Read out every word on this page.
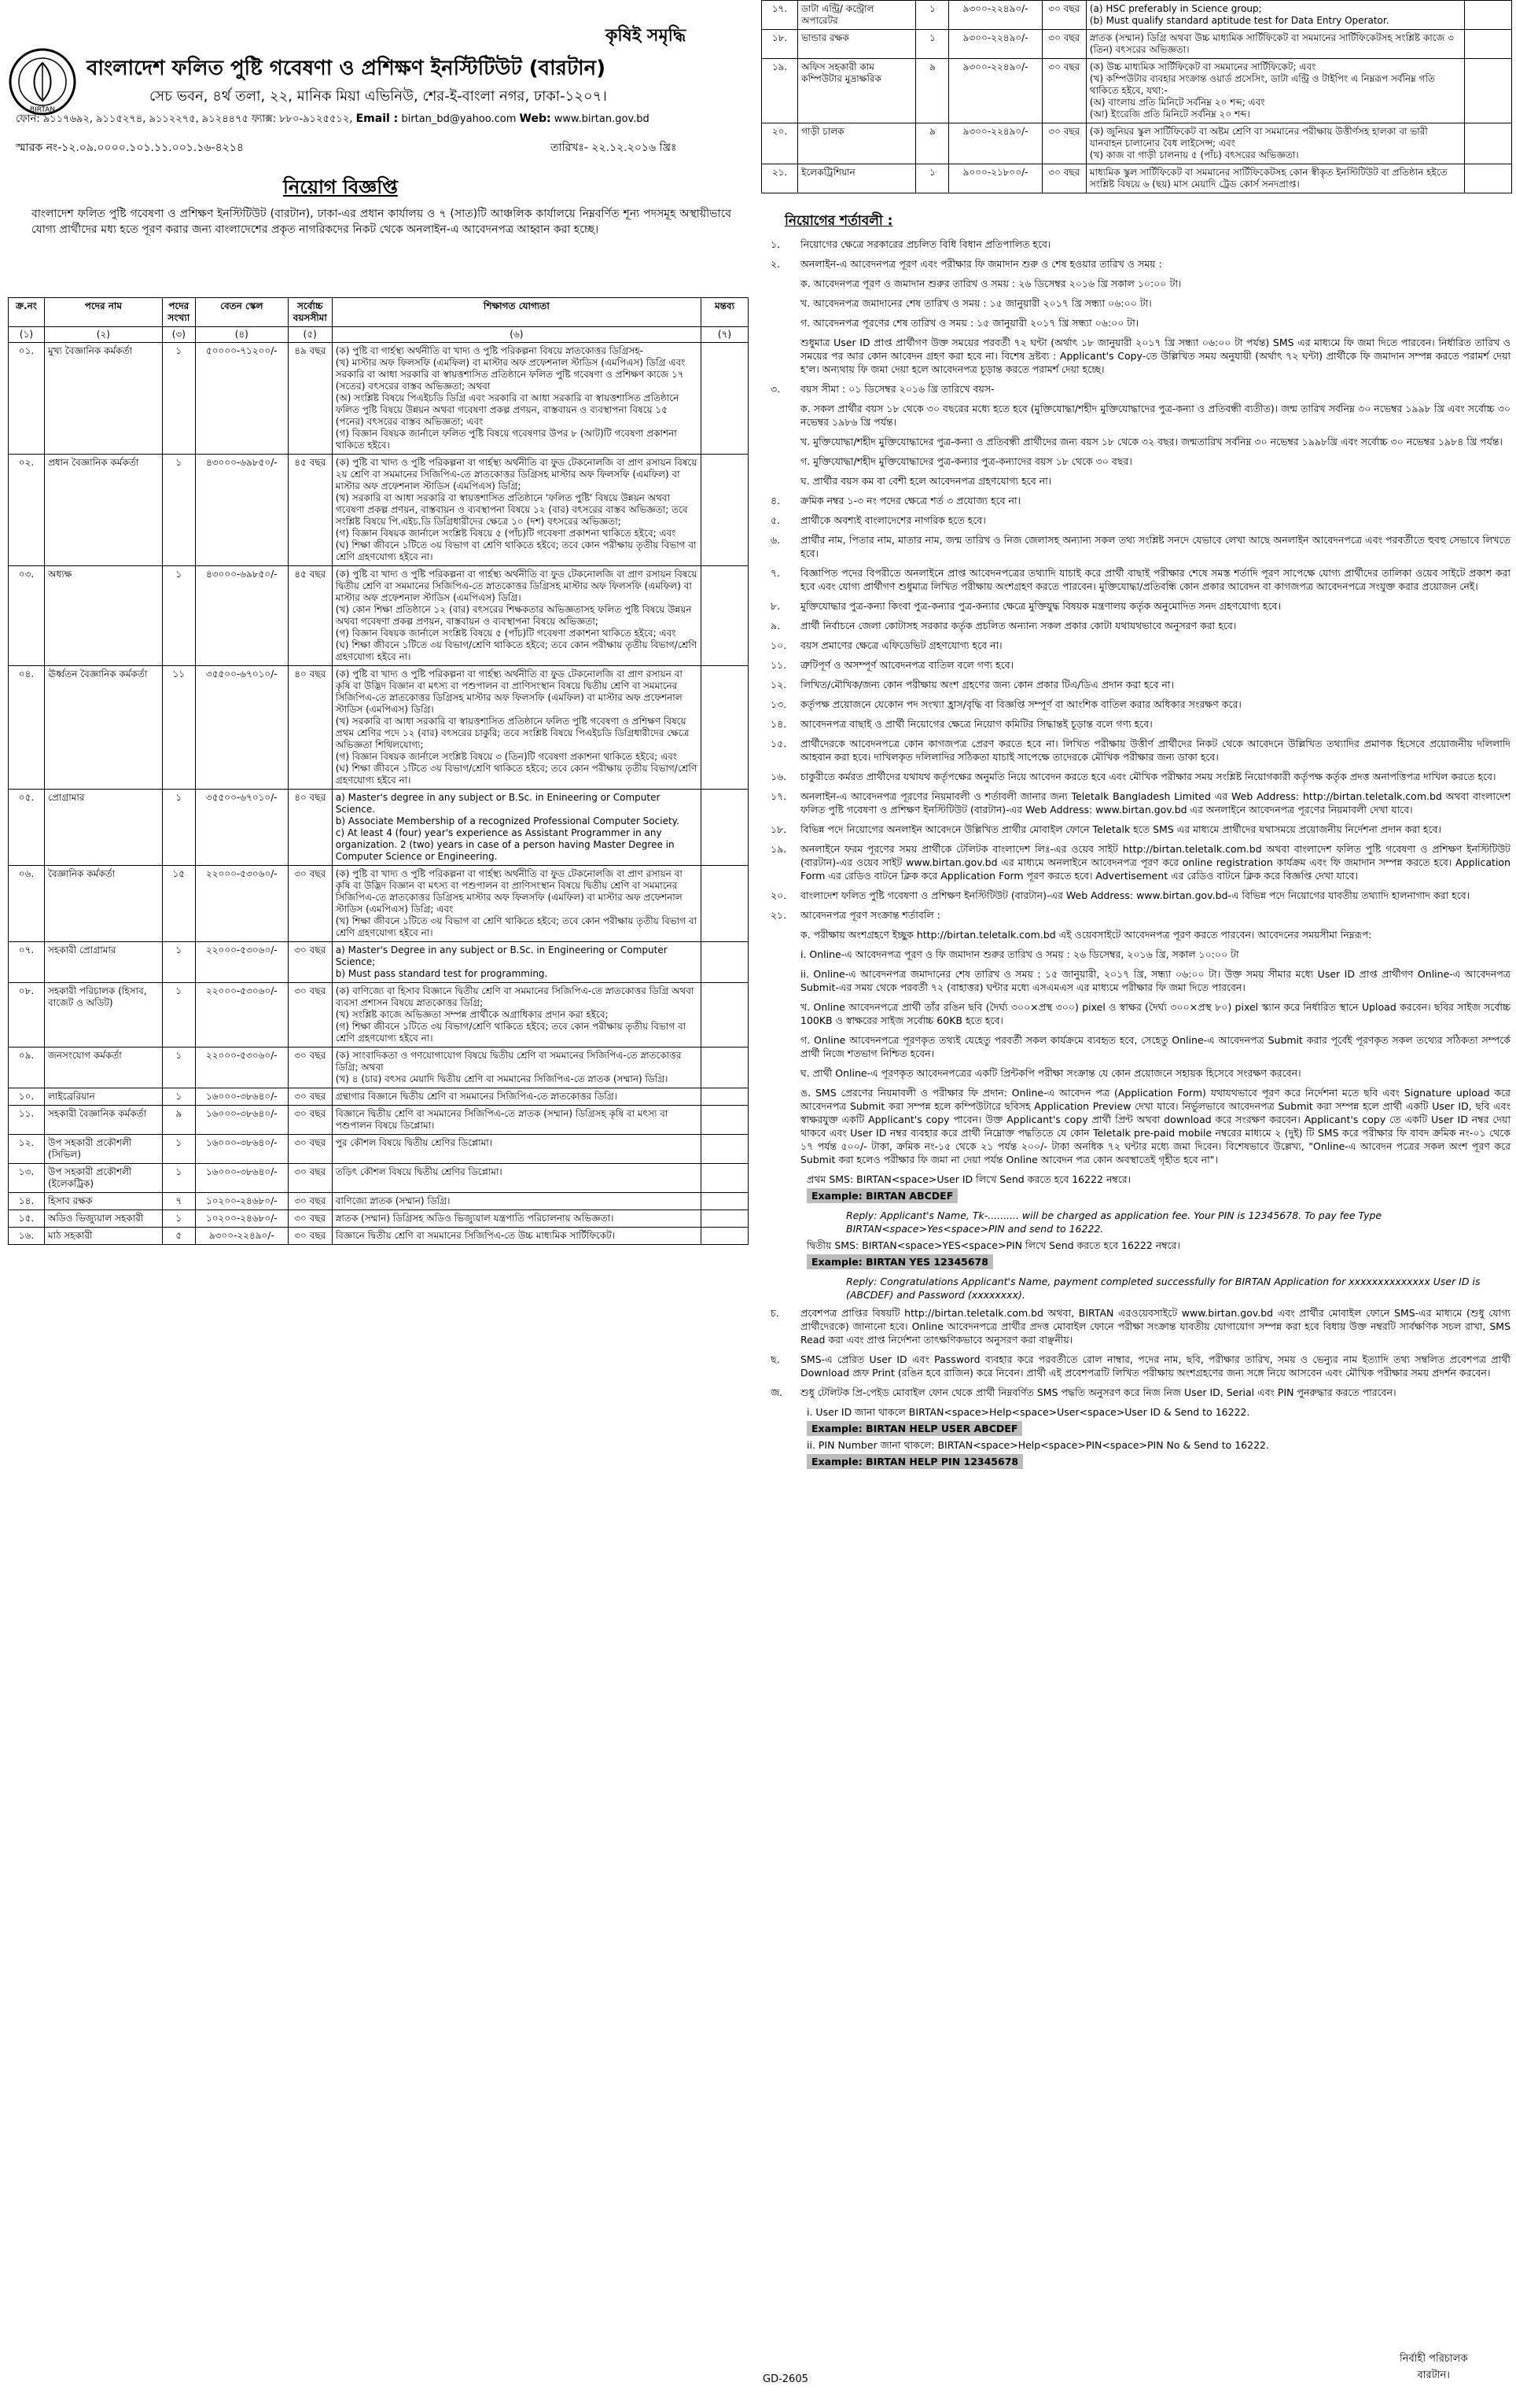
কৃষিই সমৃদ্ধি
BIRTAN
বাংলাদেশ ফলিত পুষ্টি গবেষণা ও প্রশিক্ষণ ইনস্টিটিউট (বারটান)
সেচ ভবন, ৪র্থ তলা, ২২, মানিক মিয়া এভিনিউ, শের-ই-বাংলা নগর, ঢাকা-১২০৭।
ফোন: ৯১১৭৬৯২, ৯১১৫২৭৪, ৯১১২২৭৫, ৯১২৪৪৭৫ ফ্যাক্স: ৮৮০-৯১২৫৫১২, Email : birtan_bd@yahoo.com Web: www.birtan.gov.bd
স্মারক নং-১২.০৯.০০০০.১০১.১১.০০১.১৬-৪২১৪	তারিখঃ- ২২.১২.২০১৬ খ্রিঃ
নিয়োগ বিজ্ঞপ্তি
বাংলাদেশ ফলিত পুষ্টি গবেষণা ও প্রশিক্ষণ ইনস্টিটিউট (বারটান), ঢাকা-এর প্রধান কার্যালয় ও ৭ (সাত)টি আঞ্চলিক কার্যালয়ে নিম্নবর্ণিত শূন্য পদসমূহ অস্থায়ীভাবে যোগ্য প্রার্থীদের মধ্য হতে পূরণ করার জন্য বাংলাদেশের প্রকৃত নাগরিকদের নিকট থেকে অনলাইন-এ আবেদনপত্র আহ্বান করা হচ্ছে।
ক্র.নং	পদের নাম	পদের সংখ্যা	বেতন স্কেল	সর্বোচ্চ বয়সসীমা	শিক্ষাগত যোগ্যতা	মন্তব্য
(১)	(২)	(৩)	(৪)	(৫)	(৬)	(৭)
০১.	মুখ্য বৈজ্ঞানিক কর্মকর্তা	১	৫০০০০-৭১২০০/-	৪৯ বছর	(ক) পুষ্টি বা গার্হস্থ্য অর্থনীতি বা খাদ্য ও পুষ্টি পরিকল্পনা বিষয়ে স্নাতকোত্তর ডিগ্রিসহ-
(খ) মাস্টার অফ ফিলসফি (এমফিল) বা মাস্টার অফ প্রফেশনাল স্টাডিস (এমপিএস) ডিগ্রি এবং সরকারি বা আধা সরকারি বা স্বায়ত্তশাসিত প্রতিষ্ঠানে ফলিত পুষ্টি গবেষণা ও প্রশিক্ষণ কাজে ১৭ (সতের) বৎসরের বাস্তব অভিজ্ঞতা; অথবা
(অ) সংশ্লিষ্ট বিষয়ে পিএইচডি ডিগ্রি এবং সরকারি বা আধা সরকারি বা স্বায়ত্তশাসিত প্রতিষ্ঠানে ফলিত পুষ্টি বিষয়ে উন্নয়ন অথবা গবেষণা প্রকল্প প্রণয়ন, বাস্তবায়ন ও ব্যবস্থাপনা বিষয়ে ১৫ (পনের) বৎসরের বাস্তব অভিজ্ঞতা; এবং
(গ) বিজ্ঞান বিষয়ক জার্নালে ফলিত পুষ্টি বিষয়ে গবেষণার উপর ৮ (আট)টি গবেষণা প্রকাশনা থাকিতে হইবে।	
০২.	প্রধান বৈজ্ঞানিক কর্মকর্তা	১	৪৩০০০-৬৯৮৫০/-	৪৫ বছর	(ক) পুষ্টি বা খাদ্য ও পুষ্টি পরিকল্পনা বা গার্হস্থ্য অর্থনীতি বা ফুড টেকনোলজি বা প্রাণ রসায়ন বিষয়ে ২য় শ্রেণি বা সমমানের সিজিপিএ-তে স্নাতকোত্তর ডিগ্রিসহ মাস্টার অফ ফিলসফি (এমফিল) বা মাস্টার অফ প্রফেশনাল স্টাডিস (এমপিএস) ডিগ্রি;
(খ) সরকারি বা আধা সরকারি বা স্বায়ত্তশাসিত প্রতিষ্ঠানে 'ফলিত পুষ্টি' বিষয়ে উন্নয়ন অথবা গবেষণা প্রকল্প প্রণয়ন, বাস্তবায়ন ও ব্যবস্থাপনা বিষয়ে ১২ (বার) বৎসরের বাস্তব অভিজ্ঞতা; তবে সংশ্লিষ্ট বিষয়ে পি.এইচ.ডি ডিগ্রিধারীদের ক্ষেত্রে ১০ (দশ) বৎসরের অভিজ্ঞতা;
(গ) বিজ্ঞান বিষয়ক জার্নালে সংশ্লিষ্ট বিষয়ে ৫ (পাঁচ)টি গবেষণা প্রকাশনা থাকিতে হইবে; এবং
(ঘ) শিক্ষা জীবনে ১টিতে ৩য় বিভাগ বা শ্রেণি থাকিতে হইবে; তবে কোন পরীক্ষায় তৃতীয় বিভাগ বা শ্রেণি গ্রহণযোগ্য হইবে না।	
০৩.	অধ্যক্ষ	১	৪৩০০০-৬৯৮৫০/-	৪৫ বছর	(ক) পুষ্টি বা খাদ্য ও পুষ্টি পরিকল্পনা বা গার্হস্থ্য অর্থনীতি বা ফুড টেকনোলজি বা প্রাণ রসায়ন বিষয়ে দ্বিতীয় শ্রেণি বা সমমানের সিজিপিএ-তে স্নাতকোত্তর ডিগ্রিসহ মাস্টার অফ ফিলসফি (এমফিল) বা মাস্টার অফ প্রফেশনাল স্টাডিস (এমপিএস) ডিগ্রি।
(খ) কোন শিক্ষা প্রতিষ্ঠানে ১২ (বার) বৎসরের শিক্ষকতার অভিজ্ঞতাসহ ফলিত পুষ্টি বিষয়ে উন্নয়ন অথবা গবেষণা প্রকল্প প্রণয়ন, বাস্তবায়ন ও ব্যবস্থাপনা বিষয়ে অভিজ্ঞতা;
(গ) বিজ্ঞান বিষয়ক জার্নালে সংশ্লিষ্ট বিষয়ে ৫ (পাঁচ)টি গবেষণা প্রকাশনা থাকিতে হইবে; এবং
(ঘ) শিক্ষা জীবনে ১টিতে ৩য় বিভাগ/শ্রেণি থাকিতে হইবে; তবে কোন পরীক্ষায় তৃতীয় বিভাগ/শ্রেণি গ্রহণযোগ্য হইবে না।	
০৪.	ঊর্ধ্বতন বৈজ্ঞানিক কর্মকর্তা	১১	৩৫৫০০-৬৭০১০/-	৪০ বছর	(ক) পুষ্টি বা খাদ্য ও পুষ্টি পরিকল্পনা বা গার্হস্থ্য অর্থনীতি বা ফুড টেকনোলজি বা প্রাণ রসায়ন বা কৃষি বা উদ্ভিদ বিজ্ঞান বা মৎস্য বা পশুপালন বা প্রাণিসংস্থান বিষয়ে দ্বিতীয় শ্রেণি বা সমমানের সিজিপিএ-তে স্নাতকোত্তর ডিগ্রিসহ মাস্টার অফ ফিলসফি (এমফিল) বা মাস্টার অফ প্রফেশনাল স্টাডিস (এমপিএস) ডিগ্রি।
(খ) সরকারি বা আধা সরকারি বা স্বায়ত্তশাসিত প্রতিষ্ঠানে ফলিত পুষ্টি গবেষণা ও প্রশিক্ষণ বিষয়ে প্রথম শ্রেণির পদে ১২ (বার) বৎসরের চাকুরি; তবে সংশ্লিষ্ট বিষয়ে পিএইচডি ডিগ্রিধারীদের ক্ষেত্রে অভিজ্ঞতা শিথিলযোগ্য;
(গ) বিজ্ঞান বিষয়ক জার্নালে সংশ্লিষ্ট বিষয়ে ৩ (তিন)টি গবেষণা প্রকাশনা থাকিতে হইবে; এবং
(ঘ) শিক্ষা জীবনে ১টিতে ৩য় বিভাগ/শ্রেণি থাকিতে হইবে; তবে কোন পরীক্ষায় তৃতীয় বিভাগ/শ্রেণি গ্রহণযোগ্য হইবে না।	
০৫.	প্রোগ্রামার	১	৩৫৫০০-৬৭০১০/-	৪০ বছর	a) Master's degree in any subject or B.Sc. in Enineering or Computer Science.
b) Associate Membership of a recognized Professional Computer Society.
c) At least 4 (four) year's experience as Assistant Programmer in any organization. 2 (two) years in case of a person having Master Degree in Computer Science or Engineering.	
০৬.	বৈজ্ঞানিক কর্মকর্তা	১৫	২২০০০-৫৩০৬০/-	৩০ বছর	(ক) পুষ্টি বা খাদ্য ও পুষ্টি পরিকল্পনা বা গার্হস্থ্য অর্থনীতি বা ফুড টেকনোলজি বা প্রাণ রসায়ন বা কৃষি বা উদ্ভিদ বিজ্ঞান বা মৎস্য বা পশুপালন বা প্রাণিসংস্থান বিষয়ে দ্বিতীয় শ্রেণি বা সমমানের সিজিপিএ-তে স্নাতকোত্তর ডিগ্রিসহ মাস্টার অফ ফিলসফি (এমফিল) বা মাস্টার অফ প্রফেশনাল স্টাডিস (এমপিএস) ডিগ্রি; এবং
(খ) শিক্ষা জীবনে ১টিতে ৩য় বিভাগ বা শ্রেণি থাকিতে হইবে; তবে কোন পরীক্ষায় তৃতীয় বিভাগ বা শ্রেণি গ্রহণযোগ্য হইবে না।	
০৭.	সহকারী প্রোগ্রামার	১	২২০০০-৫৩০৬০/-	৩০ বছর	a) Master's Degree in any subject or B.Sc. in Engineering or Computer Science;
b) Must pass standard test for programming.	
০৮.	সহকারী পরিচালক (হিসাব, বাজেট ও অডিট)	১	২২০০০-৫৩০৬০/-	৩০ বছর	(ক) বাণিজ্যে বা হিসাব বিজ্ঞানে দ্বিতীয় শ্রেণি বা সমমানের সিজিপিএ-তে স্নাতকোত্তর ডিগ্রি অথবা ব্যবসা প্রশাসন বিষয়ে স্নাতকোত্তর ডিগ্রি;
(খ) সংশ্লিষ্ট কাজে অভিজ্ঞতা সম্পন্ন প্রার্থীকে অগ্রাধিকার প্রদান করা হইবে;
(গ) শিক্ষা জীবনে ১টিতে ৩য় বিভাগ/শ্রেণি থাকিতে হইবে; তবে কোন পরীক্ষায় তৃতীয় বিভাগ বা শ্রেণি গ্রহণযোগ্য হইবে না।	
০৯.	জনসংযোগ কর্মকর্তা	১	২২০০০-৫৩০৬০/-	৩০ বছর	(ক) সাংবাদিকতা ও গণযোগাযোগ বিষয়ে দ্বিতীয় শ্রেণি বা সমমানের সিজিপিএ-তে স্নাতকোত্তর ডিগ্রি; অথবা
(খ) ৪ (চার) বৎসর মেয়াদি দ্বিতীয় শ্রেণি বা সমমানের সিজিপিএ-তে স্নাতক (সম্মান) ডিগ্রি।	
১০.	লাইব্রেরিয়ান	১	১৬০০০-৩৮৬৪০/-	৩০ বছর	গ্রন্থাগার বিজ্ঞানে দ্বিতীয় শ্রেণি বা সমমানের সিজিপিএ-তে স্নাতকোত্তর ডিগ্রি।	
১১.	সহকারী বৈজ্ঞানিক কর্মকর্তা	৯	১৬০০০-৩৮৬৪০/-	৩০ বছর	বিজ্ঞানে দ্বিতীয় শ্রেণি বা সমমানের সিজিপিএ-তে স্নাতক (সম্মান) ডিগ্রিসহ কৃষি বা মৎস্য বা পশুপালন বিষয়ে ডিপ্লোমা।	
১২.	উপ সহকারী প্রকৌশলী (সিভিল)	১	১৬০০০-৩৮৬৪০/-	৩০ বছর	পুর কৌশল বিষয়ে দ্বিতীয় শ্রেণির ডিপ্লোমা।	
১৩.	উপ সহকারী প্রকৌশলী (ইলেকট্রিক)	১	১৬০০০-৩৮৬৪০/-	৩০ বছর	তড়িৎ কৌশল বিষয়ে দ্বিতীয় শ্রেণির ডিপ্লোমা।	
১৪.	হিসাব রক্ষক	৭	১০২০০-২৪৬৮০/-	৩০ বছর	বাণিজ্যে স্নাতক (সম্মান) ডিগ্রি।	
১৫.	অডিও ভিজ্যুয়াল সহকারী	১	১০২০০-২৪৬৮০/-	৩০ বছর	স্নাতক (সম্মান) ডিগ্রিসহ অডিও ভিজ্যুয়াল যন্ত্রপাতি পরিচালনায় অভিজ্ঞতা।	
১৬.	মাঠ সহকারী	৫	৯৩০০-২২৪৯০/-	৩০ বছর	বিজ্ঞানে দ্বিতীয় শ্রেণি বা সমমানের সিজিপিএ-তে উচ্চ মাধ্যমিক সার্টিফিকেট।	
১৭.	ডাটা এন্ট্রি/ কন্ট্রোল অপারেটর	১	৯৩০০-২২৪৯০/-	৩০ বছর	(a) HSC preferably in Science group;
(b) Must qualify standard aptitude test for Data Entry Operator.	
১৮.	ভান্ডার রক্ষক	১	৯৩০০-২২৪৯০/-	৩০ বছর	স্নাতক (সম্মান) ডিগ্রি অথবা উচ্চ মাধ্যমিক সার্টিফিকেট বা সমমানের সার্টিফিকেটসহ সংশ্লিষ্ট কাজে ৩ (তিন) বৎসরের অভিজ্ঞতা।	
১৯.	অফিস সহকারী কাম কম্পিউটার মুদ্রাক্ষরিক	৯	৯৩০০-২২৪৯০/-	৩০ বছর	(ক) উচ্চ মাধ্যমিক সার্টিফিকেট বা সমমানের সার্টিফিকেট; এবং
(খ) কম্পিউটার ব্যবহার সংক্রান্ত ওয়ার্ড প্রসেসিং, ডাটা এন্ট্রি ও টাইপিং এ নিম্নরূপ সর্বনিম্ন গতি থাকিতে হইবে, যথা:-
(অ) বাংলায় প্রতি মিনিটে সর্বনিম্ন ২০ শব্দ; এবং
(আ) ইংরেজি প্রতি মিনিটে সর্বনিম্ন ২০ শব্দ।	
২০.	গাড়ী চালক	৯	৯৩০০-২২৪৯০/-	৩০ বছর	(ক) জুনিয়র স্কুল সার্টিফিকেট বা অষ্টম শ্রেণি বা সমমানের পরীক্ষায় উত্তীর্ণসহ হালকা বা ভারী যানবাহন চালানোর বৈধ লাইসেন্স; এবং
(খ) কাজ বা গাড়ী চালনায় ৫ (পাঁচ) বৎসরের অভিজ্ঞতা।	
২১.	ইলেকট্রিশিয়ান	১	৯০০০-২১৮০০/-	৩০ বছর	মাধ্যমিক স্কুল সার্টিফিকেট বা সমমানের সার্টিফিকেটসহ কোন স্বীকৃত ইনস্টিটিউট বা প্রতিষ্ঠান হইতে সংশ্লিষ্ট বিষয়ে ৬ (ছয়) মাস মেয়াদি ট্রেড কোর্স সনদপ্রাপ্ত।	
নিয়োগের শর্তাবলী :
১.	নিয়োগের ক্ষেত্রে সরকারের প্রচলিত বিধি বিধান প্রতিপালিত হবে।
২.	অনলাইন-এ আবেদনপত্র পূরণ এবং পরীক্ষার ফি জমাদান শুরু ও শেষ হওয়ার তারিখ ও সময় :
ক. আবেদনপত্র পূরণ ও জমাদান শুরুর তারিখ ও সময় : ২৬ ডিসেম্বর ২০১৬ খ্রি সকাল ১০:০০ টা।
খ. আবেদনপত্র জমাদানের শেষ তারিখ ও সময় : ১৫ জানুয়ারী ২০১৭ খ্রি সন্ধ্যা ০৬:০০ টা।
গ. আবেদনপত্র পূরণের শেষ তারিখ ও সময় : ১৫ জানুয়ারী ২০১৭ খ্রি সন্ধ্যা ০৬:০০ টা।
শুধুমাত্র User ID প্রাপ্ত প্রার্থীগণ উক্ত সময়ের পরবর্তী ৭২ ঘন্টা (অর্থাৎ ১৮ জানুয়ারী ২০১৭ খ্রি সন্ধ্যা ০৬:০০ টা পর্যন্ত) SMS এর মাধ্যমে ফি জমা দিতে পারবেন। নির্ধারিত তারিখ ও সময়ের পর আর কোন আবেদন গ্রহণ করা হবে না। বিশেষ দ্রষ্টব্য : Applicant's Copy-তে উল্লিখিত সময় অনুযায়ী (অর্থাৎ ৭২ ঘন্টা) প্রার্থীকে ফি জমাদান সম্পন্ন করতে পরামর্শ দেয়া হ'ল। অন্যথায় ফি জমা দেয়া হলে আবেদনপত্র চূড়ান্ত করতে পরামর্শ দেয়া হচ্ছে।
৩.	বয়স সীমা : ০১ ডিসেম্বর ২০১৬ খ্রি তারিখে বয়স-
ক. সকল প্রার্থীর বয়স ১৮ থেকে ৩০ বছরের মধ্যে হতে হবে (মুক্তিযোদ্ধা/শহীদ মুক্তিযোদ্ধাদের পুত্র-কন্যা ও প্রতিবন্ধী ব্যতীত)। জন্ম তারিখ সর্বনিম্ন ৩০ নভেম্বর ১৯৯৮ খ্রি এবং সর্বোচ্চ ৩০ নভেম্বর ১৯৮৬ খ্রি পর্যন্ত।
খ. মুক্তিযোদ্ধা/শহীদ মুক্তিযোদ্ধাদের পুত্র-কন্যা ও প্রতিবন্ধী প্রার্থীদের জন্য বয়স ১৮ থেকে ৩২ বছর। জন্মতারিখ সর্বনিম্ন ৩০ নভেম্বর ১৯৯৮খ্রি এবং সর্বোচ্চ ৩০ নভেম্বর ১৯৮৪ খ্রি পর্যন্ত।
গ. মুক্তিযোদ্ধা/শহীদ মুক্তিযোদ্ধাদের পুত্র-কন্যার পুত্র-কন্যাদের বয়স ১৮ থেকে ৩০ বছর।
ঘ. প্রার্থীর বয়স কম বা বেশী হলে আবেদনপত্র গ্রহণযোগ্য হবে না।
৪.	ক্রমিক নম্বর ১-৩ নং পদের ক্ষেত্রে শর্ত ৩ প্রযোজ্য হবে না।
৫.	প্রার্থীকে অবশ্যই বাংলাদেশের নাগরিক হতে হবে।
৬.	প্রার্থীর নাম, পিতার নাম, মাতার নাম, জন্ম তারিখ ও নিজ জেলাসহ অন্যান্য সকল তথ্য সংশ্লিষ্ট সনদে যেভাবে লেখা আছে অনলাইন আবেদনপত্রে এবং পরবর্তীতে হুবহু সেভাবে লিখতে হবে।
৭.	বিজ্ঞাপিত পদের বিপরীতে অনলাইনে প্রাপ্ত আবেদনপত্রের তথ্যাদি যাচাই করে প্রার্থী বাছাই পরীক্ষার শেষে সমস্ত শর্তাদি পূরণ সাপেক্ষে যোগ্য প্রার্থীদের তালিকা ওয়েব সাইটে প্রকাশ করা হবে এবং যোগ্য প্রার্থীগণ শুধুমাত্র লিখিত পরীক্ষায় অংশগ্রহণ করতে পারবেন। মুক্তিযোদ্ধা/প্রতিবন্ধি কোন প্রকার আবেদন বা কাগজপত্র আবেদনপত্রে সংযুক্ত করার প্রয়োজন নেই।
৮.	মুক্তিযোদ্ধার পুত্র-কন্যা কিংবা পুত্র-কন্যার পুত্র-কন্যার ক্ষেত্রে মুক্তিযুদ্ধ বিষয়ক মন্ত্রণালয় কর্তৃক অনুমোদিত সনদ গ্রহণযোগ্য হবে।
৯.	প্রার্থী নির্বাচনে জেলা কোটাসহ সরকার কর্তৃক প্রচলিত অন্যান্য সকল প্রকার কোটা যথাযথভাবে অনুসরণ করা হবে।
১০.	বয়স প্রমাণের ক্ষেত্রে এফিডেভিট গ্রহণযোগ্য হবে না।
১১.	ত্রুটিপূর্ণ ও অসম্পূর্ণ আবেদনপত্র বাতিল বলে গণ্য হবে।
১২.	লিখিত/মৌখিক/জন্য কোন পরীক্ষায় অংশ গ্রহণের জন্য কোন প্রকার টিএ/ডিএ প্রদান করা হবে না।
১৩.	কর্তৃপক্ষ প্রয়োজনে যেকোন পদ সংখ্যা হ্রাস/বৃদ্ধি বা বিজ্ঞপ্তি সম্পূর্ণ বা আংশিক বাতিল করার অধিকার সংরক্ষণ করে।
১৪.	আবেদনপত্র বাছাই ও প্রার্থী নিয়োগের ক্ষেত্রে নিয়োগ কমিটির সিদ্ধান্তই চূড়ান্ত বলে গণ্য হবে।
১৫.	প্রার্থীদেরকে আবেদনপত্রে কোন কাগজপত্র প্রেরণ করতে হবে না। লিখিত পরীক্ষায় উত্তীর্ণ প্রার্থীদের নিকট থেকে আবেদনে উল্লিখিত তথ্যাদির প্রমাণক হিসেবে প্রয়োজনীয় দলিলাদি আহবান করা হবে। দাখিলকৃত দলিলাদির সঠিকতা যাচাই সাপেক্ষে তাদেরকে মৌখিক পরীক্ষার জন্য ডাকা হবে।
১৬.	চাকুরীতে কর্মরত প্রার্থীদের যথাযথ কর্তৃপক্ষের অনুমতি নিয়ে আবেদন করতে হবে এবং মৌখিক পরীক্ষার সময় সংশ্লিষ্ট নিয়োগকারী কর্তৃপক্ষ কর্তৃক প্রদত্ত অনাপত্তিপত্র দাখিল করতে হবে।
১৭.	অনলাইন-এ আবেদনপত্র পূরণের নিয়মাবলী ও শর্তাবলী জানার জন্য Teletalk Bangladesh Limited এর Web Address: http://birtan.teletalk.com.bd অথবা বাংলাদেশ ফলিত পুষ্টি গবেষণা ও প্রশিক্ষণ ইনস্টিটিউট (বারটান)-এর Web Address: www.birtan.gov.bd এর অনলাইনে আবেদনপত্র পূরণের নিয়মাবলী দেখা যাবে।
১৮.	বিভিন্ন পদে নিয়োগের অনলাইন আবেদনে উল্লিখিত প্রার্থীর মোবাইল ফোনে Teletalk হতে SMS এর মাধ্যমে প্রার্থীদের যথাসময়ে প্রয়োজনীয় নির্দেশনা প্রদান করা হবে।
১৯.	অনলাইনে ফরম পূরণের সময় প্রার্থীকে টেলিটক বাংলাদেশ লিঃ-এর ওয়েব সাইট http://birtan.teletalk.com.bd অথবা বাংলাদেশ ফলিত পুষ্টি গবেষণা ও প্রশিক্ষণ ইনস্টিটিউট (বারটান)-এর ওয়েব সাইট www.birtan.gov.bd এর মাধ্যমে অনলাইনে আবেদনপত্র পূরণ করে online registration কার্যক্রম এবং ফি জমাদান সম্পন্ন করতে হবে। Application Form এর রেডিও বাটনে ক্লিক করে Application Form পূরণ করতে হবে। Advertisement এর রেডিও বাটনে ক্লিক করে বিজ্ঞপ্তি দেখা যাবে।
২০.	বাংলাদেশ ফলিত পুষ্টি গবেষণা ও প্রশিক্ষণ ইনস্টিটিউট (বারটান)-এর Web Address: www.birtan.gov.bd-এ বিভিন্ন পদে নিয়োগের যাবতীয় তথ্যাদি হালনাগাদ করা হবে।
২১.	আবেদনপত্র পূরণ সংক্রান্ত শর্তাবলি :
ক. পরীক্ষায় অংশগ্রহণে ইচ্ছুক http://birtan.teletalk.com.bd এই ওয়েবসাইটে আবেদনপত্র পূরণ করতে পারবেন। আবেদনের সময়সীমা নিম্নরূপ:
i. Online-এ আবেদনপত্র পূরণ ও ফি জমাদান শুরুর তারিখ ও সময় : ২৬ ডিসেম্বর, ২০১৬ খ্রি, সকাল ১০:০০ টা
ii. Online-এ আবেদনপত্র জমাদানের শেষ তারিখ ও সময় : ১৫ জানুয়ারী, ২০১৭ খ্রি, সন্ধ্যা ০৬:০০ টা। উক্ত সময় সীমার মধ্যে User ID প্রাপ্ত প্রার্থীগণ Online-এ আবেদনপত্র Submit-এর সময় থেকে পরবর্তী ৭২ (বাহাত্তর) ঘন্টার মধ্যে এসএমএস এর মাধ্যমে পরীক্ষার ফি জমা দিতে পারবেন।
খ. Online আবেদনপত্রে প্রার্থী তাঁর রঙিন ছবি (দৈর্ঘ্য ৩০০×প্রস্থ ৩০০) pixel ও স্বাক্ষর (দৈর্ঘ্য ৩০০×প্রস্থ ৮০) pixel স্ক্যান করে নির্ধারিত স্থানে Upload করবেন। ছবির সাইজ সর্বোচ্চ 100KB ও স্বাক্ষরের সাইজ সর্বোচ্চ 60KB হতে হবে।
গ. Online আবেদনপত্রে পূরণকৃত তথ্যই যেহেতু পরবর্তী সকল কার্যক্রমে ব্যবহৃত হবে, সেহেতু Online-এ আবেদনপত্র Submit করার পূর্বেই পূরণকৃত সকল তথ্যের সঠিকতা সম্পর্কে প্রার্থী নিজে শতভাগ নিশ্চিত হবেন।
ঘ. প্রার্থী Online-এ পূরণকৃত আবেদনপত্রের একটি প্রিন্টকপি পরীক্ষা সংক্রান্ত যে কোন প্রয়োজনে সহায়ক হিসেবে সংরক্ষণ করবেন।
ঙ. SMS প্রেরণের নিয়মাবলী ও পরীক্ষার ফি প্রদান: Online-এ আবেদন পত্র (Application Form) যথাযথভাবে পূরণ করে নির্দেশনা মতে ছবি এবং Signature upload করে আবেদনপত্র Submit করা সম্পন্ন হলে কম্পিউটারে ছবিসহ Application Preview দেখা যাবে। নির্ভুলভাবে আবেদনপত্র Submit করা সম্পন্ন হলে প্রার্থী একটি User ID, ছবি এবং স্বাক্ষরযুক্ত একটি Applicant's copy পাবেন। উক্ত Applicant's copy প্রার্থী প্রিন্ট অথবা download করে সংরক্ষণ করবেন। Applicant's copy তে একটি User ID নম্বর দেয়া থাকবে এবং User ID নম্বর ব্যবহার করে প্রার্থী নিম্নোক্ত পদ্ধতিতে যে কোন Teletalk pre-paid mobile নম্বরের মাধ্যমে ২ (দুই) টি SMS করে পরীক্ষার ফি বাবদ ক্রমিক নং-০১ থেকে ১৭ পর্যন্ত ৫০০/- টাকা, ক্রমিক নং-১৫ থেকে ২১ পর্যন্ত ২০০/- টাকা অনধিক ৭২ ঘন্টার মধ্যে জমা দিবেন। বিশেষভাবে উল্লেখ্য, "Online-এ আবেদন পত্রের সকল অংশ পূরণ করে Submit করা হলেও পরীক্ষার ফি জমা না দেয়া পর্যন্ত Online আবেদন পত্র কোন অবস্থাতেই গৃহীত হবে না"।
প্রথম SMS: BIRTAN<space>User ID লিখে Send করতে হবে 16222 নম্বরে।
Example: BIRTAN ABCDEF
Reply: Applicant's Name, Tk-.......... will be charged as application fee. Your PIN is 12345678. To pay fee Type BIRTAN<space>Yes<space>PIN and send to 16222.
দ্বিতীয় SMS: BIRTAN<space>YES<space>PIN লিখে Send করতে হবে 16222 নম্বরে।
Example: BIRTAN YES 12345678
Reply: Congratulations Applicant's Name, payment completed successfully for BIRTAN Application for xxxxxxxxxxxxxx User ID is (ABCDEF) and Password (xxxxxxxx).
চ.	প্রবেশপত্র প্রাপ্তির বিষয়টি http://birtan.teletalk.com.bd অথবা, BIRTAN এরওয়েবসাইটে www.birtan.gov.bd এবং প্রার্থীর মোবাইল ফোনে SMS-এর মাধ্যমে (শুধু যোগ্য প্রার্থীদেরকে) জানানো হবে। Online আবেদনপত্রে প্রার্থীর প্রদত্ত মোবাইল ফোনে পরীক্ষা সংক্রান্ত যাবতীয় যোগাযোগ সম্পন্ন করা হবে বিধায় উক্ত নম্বরটি সার্বক্ষণিক সচল রাখা, SMS Read করা এবং প্রাপ্ত নির্দেশনা তাৎক্ষণিকভাবে অনুসরণ করা বাঞ্ছনীয়।
ছ.	SMS-এ প্রেরিত User ID এবং Password ব্যবহার করে পরবর্তীতে রোল নাম্বার, পদের নাম, ছবি, পরীক্ষার তারিখ, সময় ও ভেন্যুর নাম ইত্যাদি তথ্য সম্বলিত প্রবেশপত্র প্রার্থী Download প্রূফ Print (রঙিন হবে রাজিন) করে নিবেন। প্রার্থী এই প্রবেশপত্রটি লিখিত পরীক্ষায় অংশগ্রহণের জন্য সঙ্গে নিয়ে আসবেন এবং মৌখিক পরীক্ষার সময় প্রদর্শন করবেন।
জ.	শুধু টেলিটক প্রি-পেইড মোবাইল ফোন থেকে প্রার্থী নিম্নবর্ণিত SMS পদ্ধতি অনুসরণ করে নিজ নিজ User ID, Serial এবং PIN পুনরুদ্ধার করতে পারবেন।
i. User ID জানা থাকলে BIRTAN<space>Help<space>User<space>User ID & Send to 16222.
Example: BIRTAN HELP USER ABCDEF
ii. PIN Number জানা থাকলে: BIRTAN<space>Help<space>PIN<space>PIN No & Send to 16222.
Example: BIRTAN HELP PIN 12345678
GD-2605
নির্বাহী পরিচালক
বারটান।
